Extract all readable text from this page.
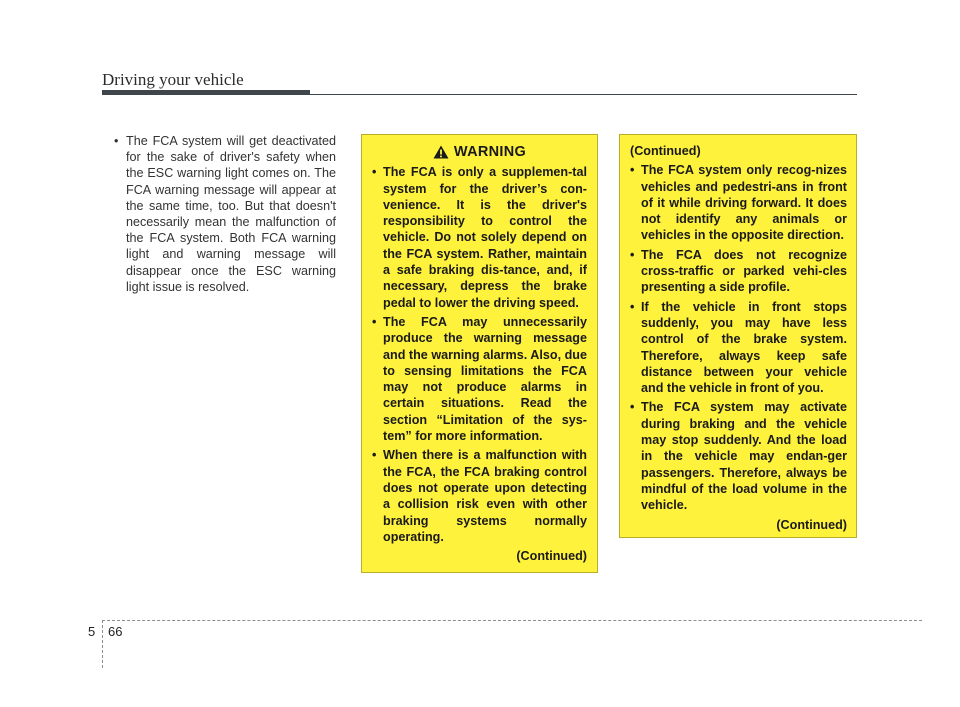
Driving your vehicle
• The FCA system will get deactivated for the sake of driver's safety when the ESC warning light comes on. The FCA warning message will appear at the same time, too. But that doesn't necessarily mean the malfunction of the FCA system. Both FCA warning light and warning message will disappear once the ESC warning light issue is resolved.
WARNING
• The FCA is only a supplemen-tal system for the driver’s con-venience. It is the driver's responsibility to control the vehicle. Do not solely depend on the FCA system. Rather, maintain a safe braking dis-tance, and, if necessary, depress the brake pedal to lower the driving speed.
• The FCA may unnecessarily produce the warning message and the warning alarms. Also, due to sensing limitations the FCA may not produce alarms in certain situations. Read the section “Limitation of the sys-tem” for more information.
• When there is a malfunction with the FCA, the FCA braking control does not operate upon detecting a collision risk even with other braking systems normally operating.
(Continued)
(Continued)
• The FCA system only recog-nizes vehicles and pedestri-ans in front of it while driving forward. It does not identify any animals or vehicles in the opposite direction.
• The FCA does not recognize cross-traffic or parked vehi-cles presenting a side profile.
• If the vehicle in front stops suddenly, you may have less control of the brake system. Therefore, always keep safe distance between your vehicle and the vehicle in front of you.
• The FCA system may activate during braking and the vehicle may stop suddenly. And the load in the vehicle may endan-ger passengers. Therefore, always be mindful of the load volume in the vehicle.
(Continued)
5 66
